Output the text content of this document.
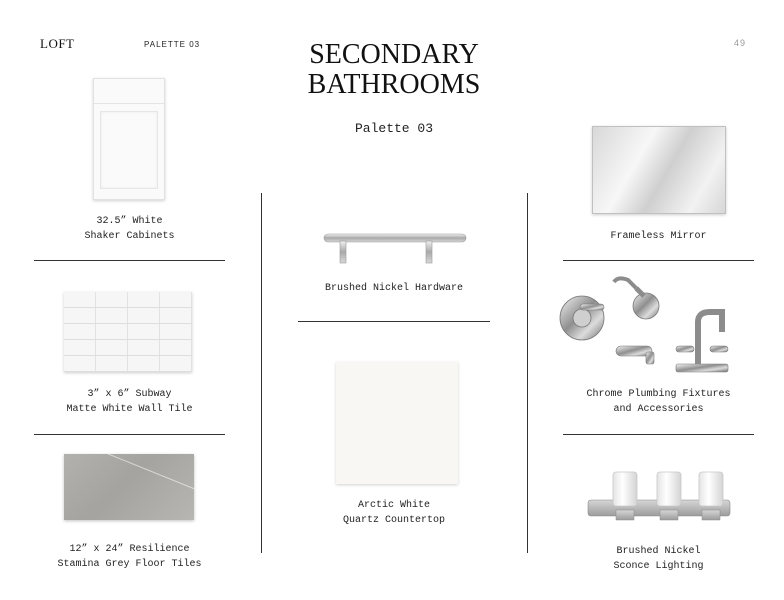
LOFT	PALETTE 03	49
SECONDARY
BATHROOMS
Palette 03
32.5” White
Shaker Cabinets
3” x 6” Subway
Matte White Wall Tile
12” x 24” Resilience
Stamina Grey Floor Tiles
Brushed Nickel Hardware
Arctic White
Quartz Countertop
Frameless Mirror
Chrome Plumbing Fixtures
and Accessories
Brushed Nickel
Sconce Lighting
